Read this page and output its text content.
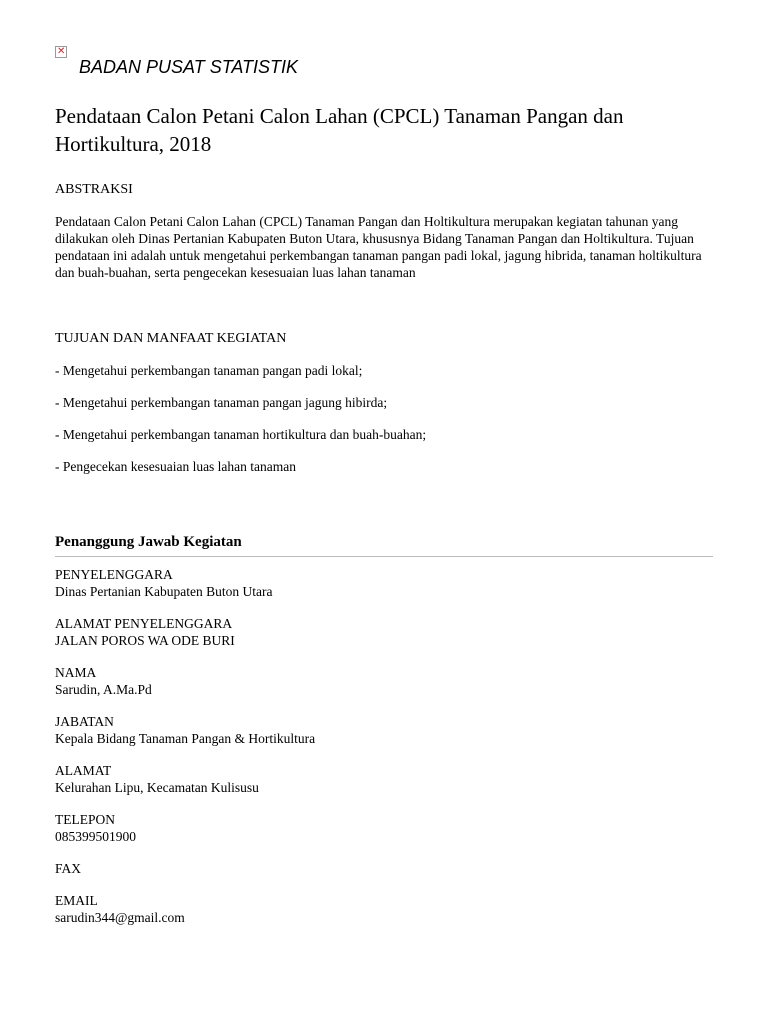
✕
BADAN PUSAT STATISTIK
Pendataan Calon Petani Calon Lahan (CPCL) Tanaman Pangan dan Hortikultura, 2018
ABSTRAKSI
Pendataan Calon Petani Calon Lahan (CPCL) Tanaman Pangan dan Holtikultura merupakan kegiatan tahunan yang dilakukan oleh Dinas Pertanian Kabupaten Buton Utara, khususnya Bidang Tanaman Pangan dan Holtikultura. Tujuan pendataan ini adalah untuk mengetahui perkembangan tanaman pangan padi lokal, jagung hibrida, tanaman holtikultura dan buah-buahan, serta pengecekan kesesuaian luas lahan tanaman
TUJUAN DAN MANFAAT KEGIATAN
- Mengetahui perkembangan tanaman pangan padi lokal;
- Mengetahui perkembangan tanaman pangan jagung hibirda;
- Mengetahui perkembangan tanaman hortikultura dan buah-buahan;
- Pengecekan kesesuaian luas lahan tanaman
Penanggung Jawab Kegiatan
PENYELENGGARA
Dinas Pertanian Kabupaten Buton Utara
ALAMAT PENYELENGGARA
JALAN POROS WA ODE BURI
NAMA
Sarudin, A.Ma.Pd
JABATAN
Kepala Bidang Tanaman Pangan & Hortikultura
ALAMAT
Kelurahan Lipu, Kecamatan Kulisusu
TELEPON
085399501900
FAX
EMAIL
sarudin344@gmail.com
